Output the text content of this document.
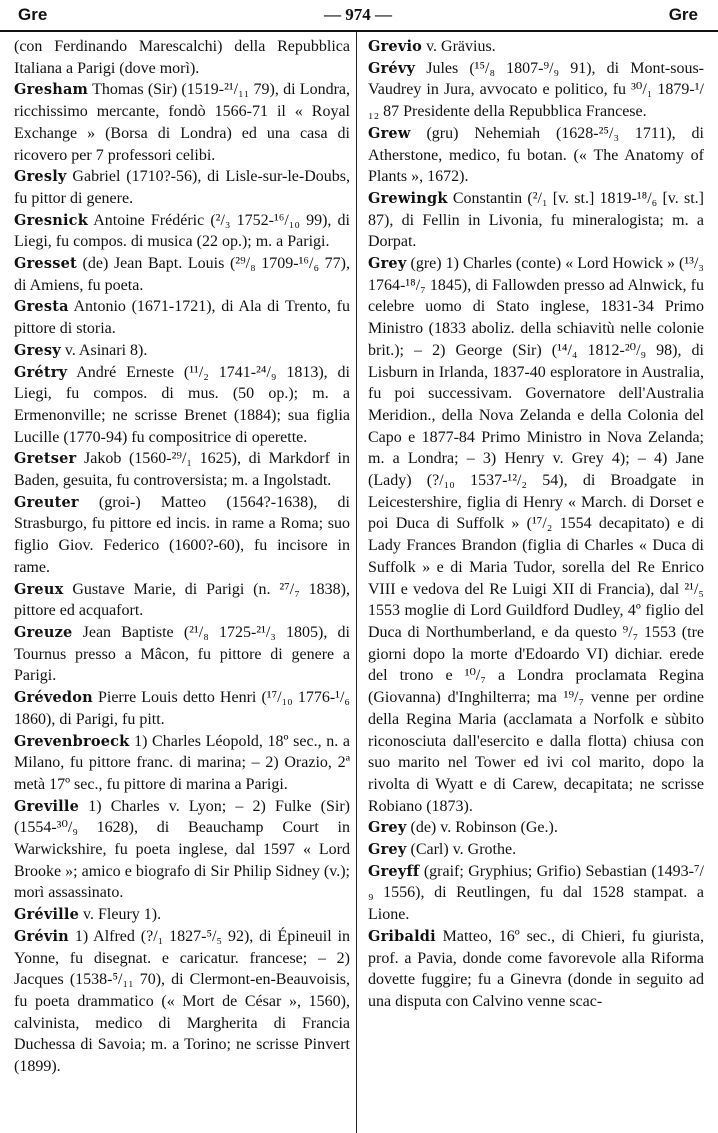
Gre	— 974 —	Gre

(con Ferdinando Marescalchi) della Repubblica Italiana a Parigi (dove morì).

Gresham Thomas (Sir) (1519-²¹/₁₁ 79), di Londra, ricchissimo mercante, fondò 1566-71 il « Royal Exchange » (Borsa di Londra) ed una casa di ricovero per 7 professori celibi.

Gresly Gabriel (1710?-56), di Lisle-sur-le-Doubs, fu pittor di genere.

Gresnick Antoine Frédéric (²/₃ 1752-¹⁶/₁₀ 99), di Liegi, fu compos. di musica (22 op.); m. a Parigi.

Gresset (de) Jean Bapt. Louis (²⁹/₈ 1709-¹⁶/₆ 77), di Amiens, fu poeta.

Gresta Antonio (1671-1721), di Ala di Trento, fu pittore di storia.

Gresy v. Asinari 8).

Grétry André Erneste (¹¹/₂ 1741-²⁴/₉ 1813), di Liegi, fu compos. di mus. (50 op.); m. a Ermenonville; ne scrisse Brenet (1884); sua figlia Lucille (1770-94) fu compositrice di operette.

Gretser Jakob (1560-²⁹/₁ 1625), di Markdorf in Baden, gesuita, fu controversista; m. a Ingolstadt.

Greuter (groi-) Matteo (1564?-1638), di Strasburgo, fu pittore ed incis. in rame a Roma; suo figlio Giov. Federico (1600?-60), fu incisore in rame.

Greux Gustave Marie, di Parigi (n. ²⁷/₇ 1838), pittore ed acquafort.

Greuze Jean Baptiste (²¹/₈ 1725-²¹/₃ 1805), di Tournus presso a Mâcon, fu pittore di genere a Parigi.

Grévedon Pierre Louis detto Henri (¹⁷/₁₀ 1776-¹/₆ 1860), di Parigi, fu pitt.

Grevenbroeck 1) Charles Léopold, 18º sec., n. a Milano, fu pittore franc. di marina; – 2) Orazio, 2ª metà 17º sec., fu pittore di marina a Parigi.

Greville 1) Charles v. Lyon; – 2) Fulke (Sir) (1554-³⁰/₉ 1628), di Beauchamp Court in Warwickshire, fu poeta inglese, dal 1597 « Lord Brooke »; amico e biografo di Sir Philip Sidney (v.); morì assassinato.

Gréville v. Fleury 1).

Grévin 1) Alfred (?/₁ 1827-⁵/₅ 92), di Épineuil in Yonne, fu disegnat. e caricatur. francese; – 2) Jacques (1538-⁵/₁₁ 70), di Clermont-en-Beauvoisis, fu poeta drammatico (« Mort de César », 1560), calvinista, medico di Margherita di Francia Duchessa di Savoia; m. a Torino; ne scrisse Pinvert (1899).

Grevio v. Grävius.

Grévy Jules (¹⁵/₈ 1807-⁹/₉ 91), di Mont-sous-Vaudrey in Jura, avvocato e politico, fu ³⁰/₁ 1879-¹/₁₂ 87 Presidente della Repubblica Francese.

Grew (gru) Nehemiah (1628-²⁵/₃ 1711), di Atherstone, medico, fu botan. (« The Anatomy of Plants », 1672).

Grewingk Constantin (²/₁ [v. st.] 1819-¹⁸/₆ [v. st.] 87), di Fellin in Livonia, fu mineralogista; m. a Dorpat.

Grey (gre) 1) Charles (conte) « Lord Howick » (¹³/₃ 1764-¹⁸/₇ 1845), di Fallowden presso ad Alnwick, fu celebre uomo di Stato inglese, 1831-34 Primo Ministro (1833 aboliz. della schiavitù nelle colonie brit.); – 2) George (Sir) (¹⁴/₄ 1812-²⁰/₉ 98), di Lisburn in Irlanda, 1837-40 esploratore in Australia, fu poi successivam. Governatore dell'Australia Meridion., della Nova Zelanda e della Colonia del Capo e 1877-84 Primo Ministro in Nova Zelanda; m. a Londra; – 3) Henry v. Grey 4); – 4) Jane (Lady) (?/₁₀ 1537-¹²/₂ 54), di Broadgate in Leicestershire, figlia di Henry « March. di Dorset e poi Duca di Suffolk » (¹⁷/₂ 1554 decapitato) e di Lady Frances Brandon (figlia di Charles « Duca di Suffolk » e di Maria Tudor, sorella del Re Enrico VIII e vedova del Re Luigi XII di Francia), dal ²¹/₅ 1553 moglie di Lord Guildford Dudley, 4º figlio del Duca di Northumberland, e da questo ⁹/₇ 1553 (tre giorni dopo la morte d'Edoardo VI) dichiar. erede del trono e ¹⁰/₇ a Londra proclamata Regina (Giovanna) d'Inghilterra; ma ¹⁹/₇ venne per ordine della Regina Maria (acclamata a Norfolk e sùbito riconosciuta dall'esercito e dalla flotta) chiusa con suo marito nel Tower ed ivi col marito, dopo la rivolta di Wyatt e di Carew, decapitata; ne scrisse Robiano (1873).

Grey (de) v. Robinson (Ge.).

Grey (Carl) v. Grothe.

Greyff (graif; Gryphius; Grifio) Sebastian (1493-⁷/₉ 1556), di Reutlingen, fu dal 1528 stampat. a Lione.

Gribaldi Matteo, 16º sec., di Chieri, fu giurista, prof. a Pavia, donde come favorevole alla Riforma dovette fuggire; fu a Ginevra (donde in seguito ad una disputa con Calvino venne scac-
